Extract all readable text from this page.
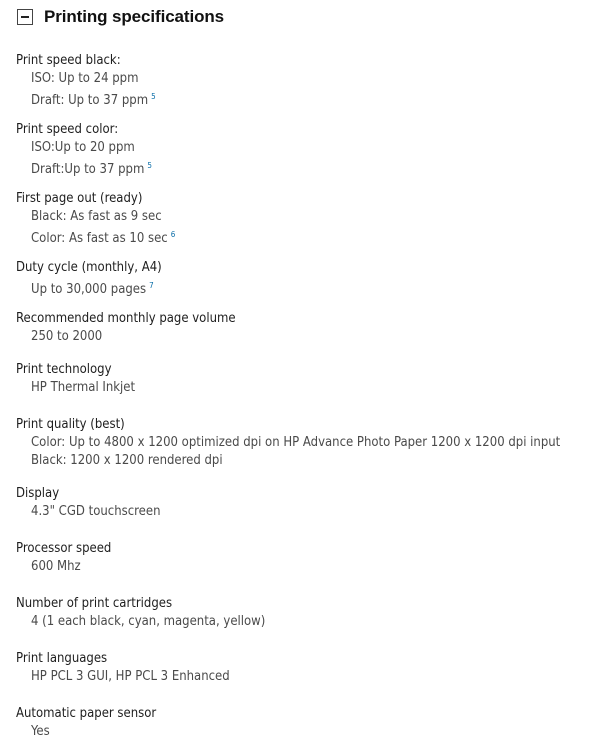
Printing specifications
Print speed black:
ISO: Up to 24 ppm
Draft: Up to 37 ppm $^5$
Print speed color:
ISO:Up to 20 ppm
Draft:Up to 37 ppm $^5$
First page out (ready)
Black: As fast as 9 sec
Color: As fast as 10 sec $^6$
Duty cycle (monthly, A4)
Up to 30,000 pages $^7$
Recommended monthly page volume
250 to 2000
Print technology
HP Thermal Inkjet
Print quality (best)
Color: Up to 4800 x 1200 optimized dpi on HP Advance Photo Paper 1200 x 1200 dpi input
Black: 1200 x 1200 rendered dpi
Display
4.3" CGD touchscreen
Processor speed
600 Mhz
Number of print cartridges
4 (1 each black, cyan, magenta, yellow)
Print languages
HP PCL 3 GUI, HP PCL 3 Enhanced
Automatic paper sensor
Yes
